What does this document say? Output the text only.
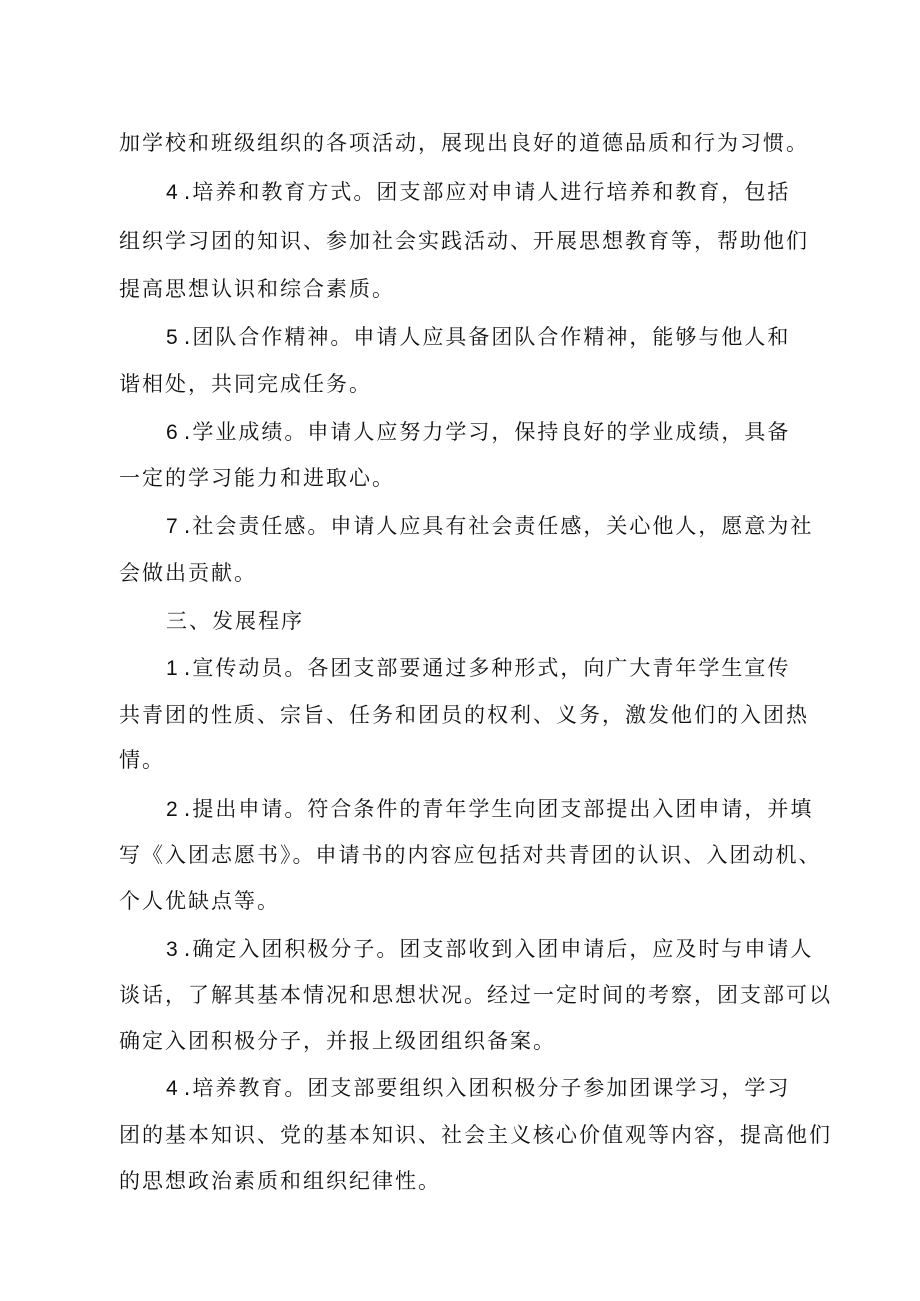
加学校和班级组织的各项活动，展现出良好的道德品质和行为习惯。
4 .培养和教育方式。团支部应对申请人进行培养和教育，包括
组织学习团的知识、参加社会实践活动、开展思想教育等，帮助他们
提高思想认识和综合素质。
5 .团队合作精神。申请人应具备团队合作精神，能够与他人和
谐相处，共同完成任务。
6 .学业成绩。申请人应努力学习，保持良好的学业成绩，具备
一定的学习能力和进取心。
7 .社会责任感。申请人应具有社会责任感，关心他人，愿意为社
会做出贡献。
三、发展程序
1 .宣传动员。各团支部要通过多种形式，向广大青年学生宣传
共青团的性质、宗旨、任务和团员的权利、义务，激发他们的入团热
情。
2 .提出申请。符合条件的青年学生向团支部提出入团申请，并填
写《入团志愿书》。申请书的内容应包括对共青团的认识、入团动机、
个人优缺点等。
3 .确定入团积极分子。团支部收到入团申请后，应及时与申请人
谈话，了解其基本情况和思想状况。经过一定时间的考察，团支部可以
确定入团积极分子，并报上级团组织备案。
4 .培养教育。团支部要组织入团积极分子参加团课学习，学习
团的基本知识、党的基本知识、社会主义核心价值观等内容，提高他们
的思想政治素质和组织纪律性。
